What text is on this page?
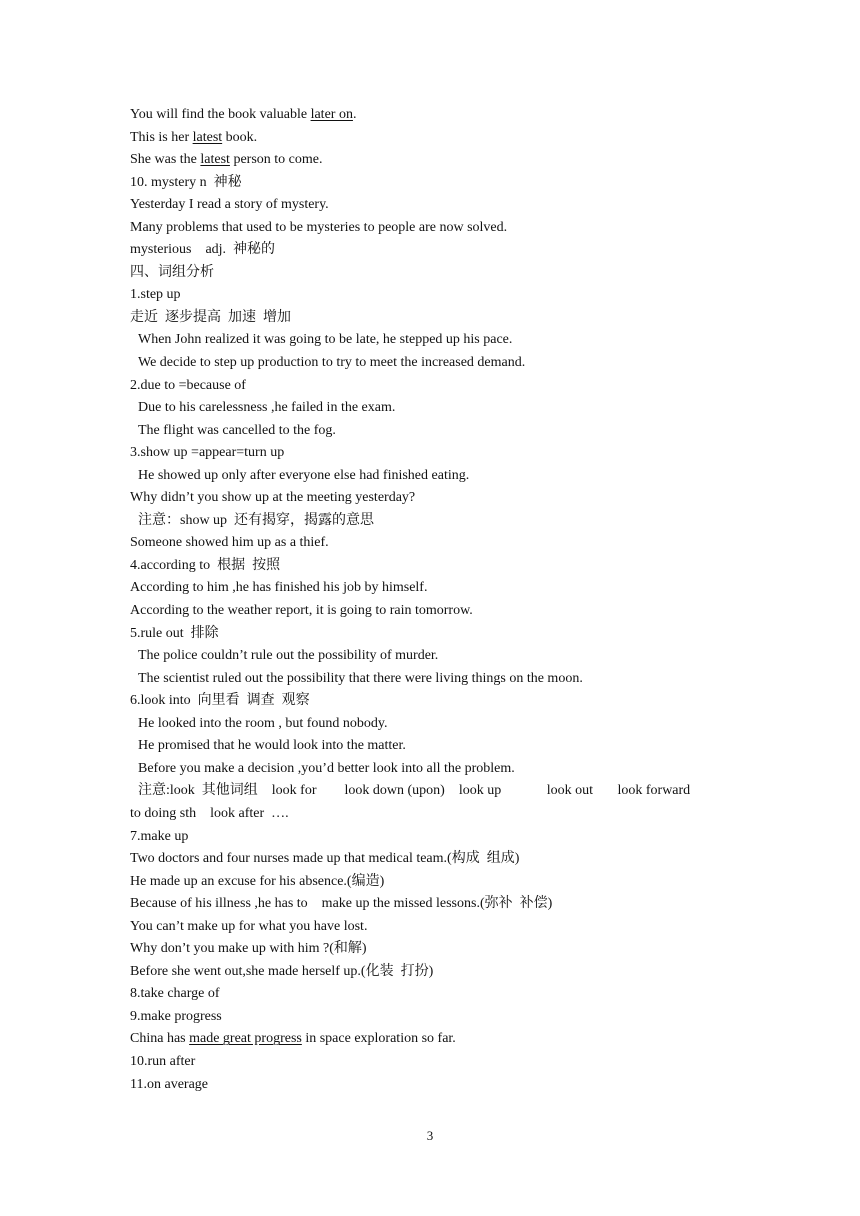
You will find the book valuable later on.
This is her latest book.
She was the latest person to come.
10. mystery n  神秘
Yesterday I read a story of mystery.
Many problems that used to be mysteries to people are now solved.
mysterious    adj.  神秘的
四、词组分析
1.step up
走近  逐步提高  加速  增加
When John realized it was going to be late, he stepped up his pace.
We decide to step up production to try to meet the increased demand.
2.due to =because of
Due to his carelessness ,he failed in the exam.
The flight was cancelled to the fog.
3.show up =appear=turn up
He showed up only after everyone else had finished eating.
Why didn’t you show up at the meeting yesterday?
注意：show up  还有揭穿，揭露的意思
Someone showed him up as a thief.
4.according to  根据  按照
According to him ,he has finished his job by himself.
According to the weather report, it is going to rain tomorrow.
5.rule out  排除
The police couldn’t rule out the possibility of murder.
The scientist ruled out the possibility that there were living things on the moon.
6.look into  向里看  调查  观察
He looked into the room , but found nobody.
He promised that he would look into the matter.
Before you make a decision ,you’d better look into all the problem.
注意:look  其他词组    look for        look down (upon)    look up             look out       look forward
to doing sth    look after  ….
7.make up
Two doctors and four nurses made up that medical team.(构成  组成)
He made up an excuse for his absence.(编造)
Because of his illness ,he has to    make up the missed lessons.(弥补  补偿)
You can’t make up for what you have lost.
Why don’t you make up with him ?(和解)
Before she went out,she made herself up.(化装  打扮)
8.take charge of
9.make progress
China has made great progress in space exploration so far.
10.run after
11.on average
3
